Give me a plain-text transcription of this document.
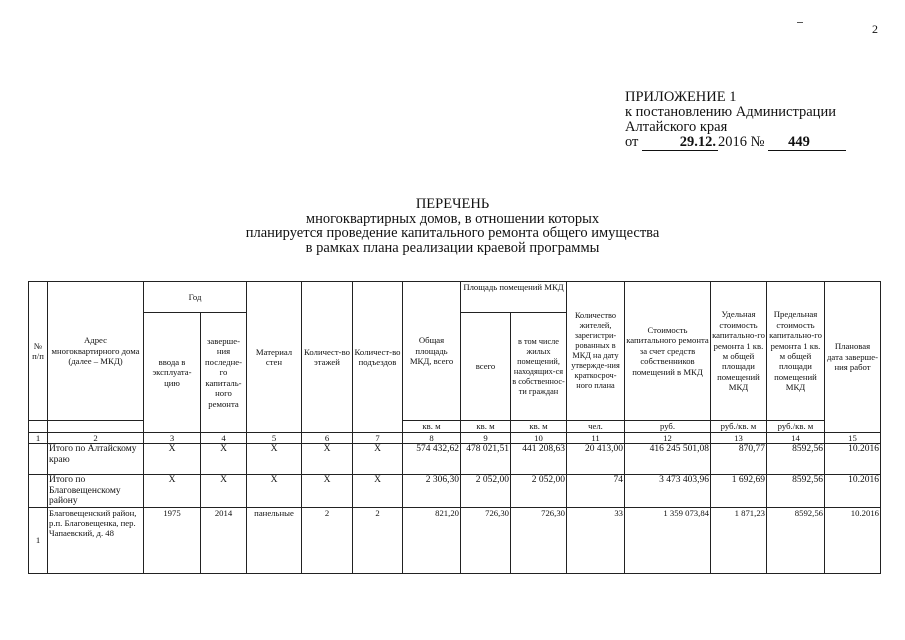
2
ПРИЛОЖЕНИЕ 1
к постановлению Администрации
Алтайского края
от	29.12. 2016 № 449
ПЕРЕЧЕНЬ
многоквартирных домов, в отношении которых
планируется проведение капитального ремонта общего имущества
в рамках плана реализации краевой программы
№ п/п	Адрес многоквартирного дома (далее – МКД)	Год		Материал стен	Количест-во этажей	Количест-во подъездов	Общая площадь МКД, всего	Площадь помещений МКД		Количество жителей, зарегистри-рованных в МКД на дату утвержде-ния краткосроч-ного плана	Стоимость капитального ремонта за счет средств собственников помещений в МКД	Удельная стоимость капитально-го ремонта 1 кв. м общей площади помещений МКД	Предельная стоимость капитально-го ремонта 1 кв. м общей площади помещений МКД	Плановая дата заверше-ния работ
		ввода в эксплуата-цию	заверше-ния последне-го капиталь-ного ремонта					всего	в том числе жилых помещений, находящих-ся в собственнос-ти граждан					
							кв. м	кв. м	кв. м	чел.	руб.	руб./кв. м	руб./кв. м	
1	2	3	4	5	6	7	8	9	10	11	12	13	14	15
	Итого по Алтайскому краю	Х	Х	Х	Х	Х	574 432,62	478 021,51	441 208,63	20 413,00	416 245 501,08	870,77	8592,56	10.2016
	Итого по Благовещенскому району	Х	Х	Х	Х	Х	2 306,30	2 052,00	2 052,00	74	3 473 403,96	1 692,69	8592,56	10.2016
1	Благовещенский район, р.п. Благовещенка, пер. Чапаевский, д. 48	1975	2014	панельные	2	2	821,20	726,30	726,30	33	1 359 073,84	1 871,23	8592,56	10.2016
